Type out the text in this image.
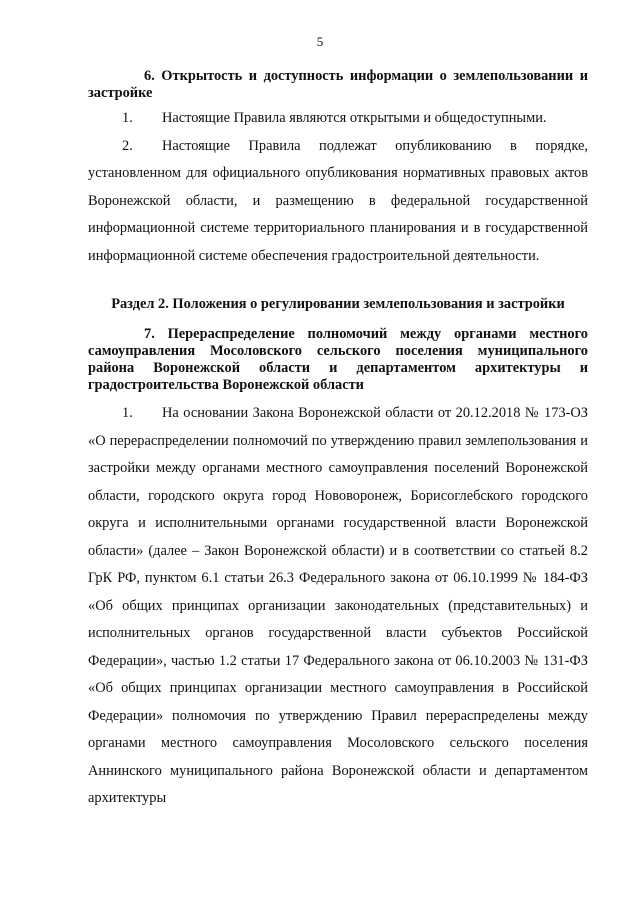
5
6. Открытость и доступность информации о землепользовании и застройке
1. Настоящие Правила являются открытыми и общедоступными.
2. Настоящие Правила подлежат опубликованию в порядке, установленном для официального опубликования нормативных правовых актов Воронежской области, и размещению в федеральной государственной информационной системе территориального планирования и в государственной информационной системе обеспечения градостроительной деятельности.
Раздел 2. Положения о регулировании землепользования и застройки
7. Перераспределение полномочий между органами местного самоуправления Мосоловского сельского поселения муниципального района Воронежской области и департаментом архитектуры и градостроительства Воронежской области
1. На основании Закона Воронежской области от 20.12.2018 № 173-ОЗ «О перераспределении полномочий по утверждению правил землепользования и застройки между органами местного самоуправления поселений Воронежской области, городского округа город Нововоронеж, Борисоглебского городского округа и исполнительными органами государственной власти Воронежской области» (далее – Закон Воронежской области) и в соответствии со статьей 8.2 ГрК РФ, пунктом 6.1 статьи 26.3 Федерального закона от 06.10.1999 № 184-ФЗ «Об общих принципах организации законодательных (представительных) и исполнительных органов государственной власти субъектов Российской Федерации», частью 1.2 статьи 17 Федерального закона от 06.10.2003 № 131-ФЗ «Об общих принципах организации местного самоуправления в Российской Федерации» полномочия по утверждению Правил перераспределены между органами местного самоуправления Мосоловского сельского поселения Аннинского муниципального района Воронежской области и департаментом архитектуры
